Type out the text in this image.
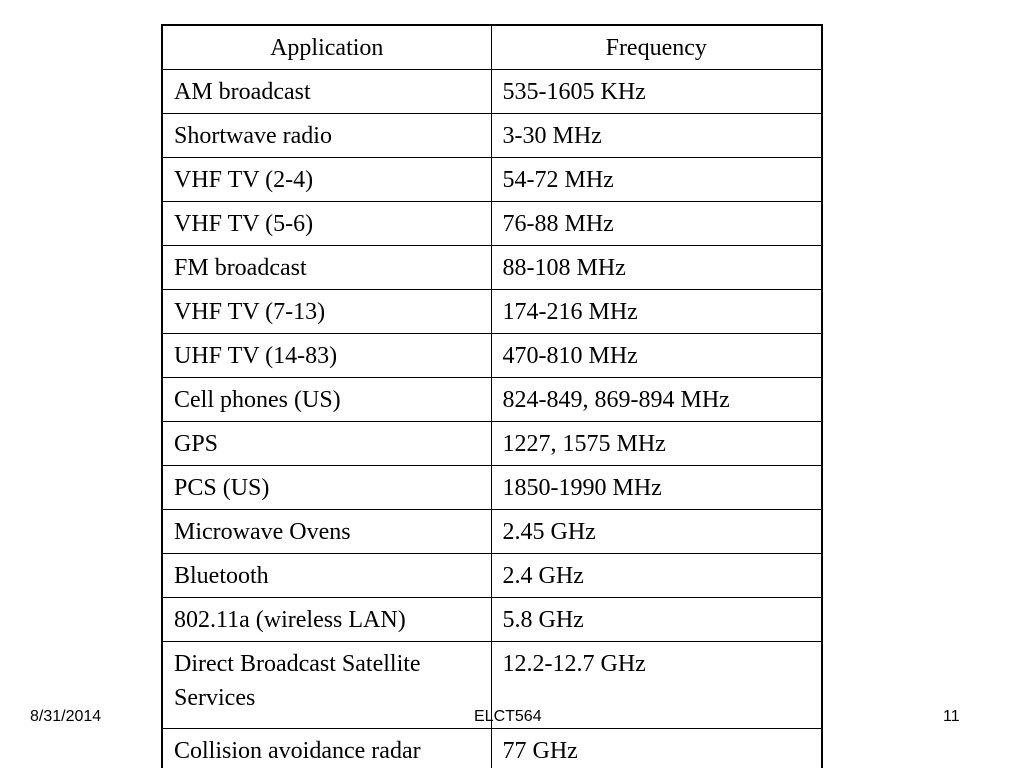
Application	Frequency
AM broadcast	535-1605 KHz
Shortwave radio	3-30 MHz
VHF TV (2-4)	54-72 MHz
VHF TV (5-6)	76-88 MHz
FM broadcast	88-108 MHz
VHF TV (7-13)	174-216 MHz
UHF TV (14-83)	470-810 MHz
Cell phones (US)	824-849, 869-894 MHz
GPS	1227, 1575 MHz
PCS (US)	1850-1990 MHz
Microwave Ovens	2.45 GHz
Bluetooth	2.4 GHz
802.11a (wireless LAN)	5.8 GHz
Direct Broadcast Satellite Services	12.2-12.7 GHz
Collision avoidance radar	77 GHz
8/31/2014	ELCT564	11
